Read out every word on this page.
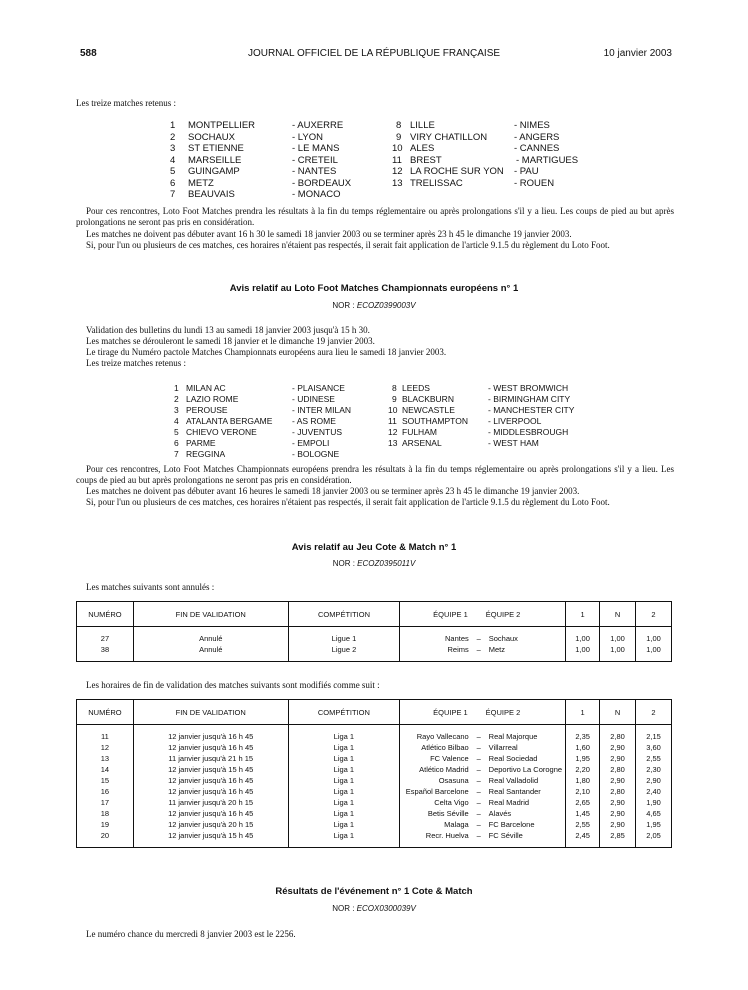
588	JOURNAL OFFICIEL DE LA RÉPUBLIQUE FRANÇAISE	10 janvier 2003
Les treize matches retenus :
1 MONTPELLIER	- AUXERRE
2 SOCHAUX	- LYON
3 ST ETIENNE	- LE MANS
4 MARSEILLE	- CRETEIL
5 GUINGAMP	- NANTES
6 METZ	- BORDEAUX
7 BEAUVAIS	- MONACO
8 LILLE	- NIMES
9 VIRY CHATILLON	- ANGERS
10 ALES	- CANNES
11 BREST	- MARTIGUES
12 LA ROCHE SUR YON - PAU
13 TRELISSAC	- ROUEN
Pour ces rencontres, Loto Foot Matches prendra les résultats à la fin du temps réglementaire ou après prolongations s'il y a lieu. Les coups de pied au but après prolongations ne seront pas pris en considération.
Les matches ne doivent pas débuter avant 16 h 30 le samedi 18 janvier 2003 ou se terminer après 23 h 45 le dimanche 19 janvier 2003.
Si, pour l'un ou plusieurs de ces matches, ces horaires n'étaient pas respectés, il serait fait application de l'article 9.1.5 du règlement du Loto Foot.
Avis relatif au Loto Foot Matches Championnats européens n° 1
NOR : ECOZ0399003V
Validation des bulletins du lundi 13 au samedi 18 janvier 2003 jusqu'à 15 h 30.
Les matches se dérouleront le samedi 18 janvier et le dimanche 19 janvier 2003.
Le tirage du Numéro pactole Matches Championnats européens aura lieu le samedi 18 janvier 2003.
Les treize matches retenus :
1 MILAN AC	- PLAISANCE
2 LAZIO ROME	- UDINESE
3 PEROUSE	- INTER MILAN
4 ATALANTA BERGAME - AS ROME
5 CHIEVO VERONE	- JUVENTUS
6 PARME	- EMPOLI
7 REGGINA	- BOLOGNE
8 LEEDS	- WEST BROMWICH
9 BLACKBURN	- BIRMINGHAM CITY
10 NEWCASTLE	- MANCHESTER CITY
11 SOUTHAMPTON - LIVERPOOL
12 FULHAM	- MIDDLESBROUGH
13 ARSENAL	- WEST HAM
Pour ces rencontres, Loto Foot Matches Championnats européens prendra les résultats à la fin du temps réglementaire ou après prolongations s'il y a lieu. Les coups de pied au but après prolongations ne seront pas pris en considération.
Les matches ne doivent pas débuter avant 16 heures le samedi 18 janvier 2003 ou se terminer après 23 h 45 le dimanche 19 janvier 2003.
Si, pour l'un ou plusieurs de ces matches, ces horaires n'étaient pas respectés, il serait fait application de l'article 9.1.5 du règlement du Loto Foot.
Avis relatif au Jeu Cote & Match n° 1
NOR : ECOZ0395011V
Les matches suivants sont annulés :
NUMÉRO	FIN DE VALIDATION	COMPÉTITION	ÉQUIPE 1		ÉQUIPE 2	1	N	2

27	Annulé	Ligue 1	Nantes	–	Sochaux	1,00	1,00	1,00
38	Annulé	Ligue 2	Reims	–	Metz	1,00	1,00	1,00

Les horaires de fin de validation des matches suivants sont modifiés comme suit :
NUMÉRO	FIN DE VALIDATION	COMPÉTITION	ÉQUIPE 1		ÉQUIPE 2	1	N	2

11	12 janvier jusqu'à 16 h 45	Liga 1	Rayo Vallecano	–	Real Majorque	2,35	2,80	2,15
12	12 janvier jusqu'à 16 h 45	Liga 1	Atlético Bilbao	–	Villarreal	1,60	2,90	3,60
13	11 janvier jusqu'à 21 h 15	Liga 1	FC Valence	–	Real Sociedad	1,95	2,90	2,55
14	12 janvier jusqu'à 15 h 45	Liga 1	Atlético Madrid	–	Deportivo La Corogne	2,20	2,80	2,30
15	12 janvier jusqu'à 16 h 45	Liga 1	Osasuna	–	Real Valladolid	1,80	2,90	2,90
16	12 janvier jusqu'à 16 h 45	Liga 1	Español Barcelone	–	Real Santander	2,10	2,80	2,40
17	11 janvier jusqu'à 20 h 15	Liga 1	Celta Vigo	–	Real Madrid	2,65	2,90	1,90
18	12 janvier jusqu'à 16 h 45	Liga 1	Betis Séville	–	Alavés	1,45	2,90	4,65
19	12 janvier jusqu'à 20 h 15	Liga 1	Malaga	–	FC Barcelone	2,55	2,90	1,95
20	12 janvier jusqu'à 15 h 45	Liga 1	Recr. Huelva	–	FC Séville	2,45	2,85	2,05

Résultats de l'événement n° 1 Cote & Match
NOR : ECOX0300039V
Le numéro chance du mercredi 8 janvier 2003 est le 2256.
